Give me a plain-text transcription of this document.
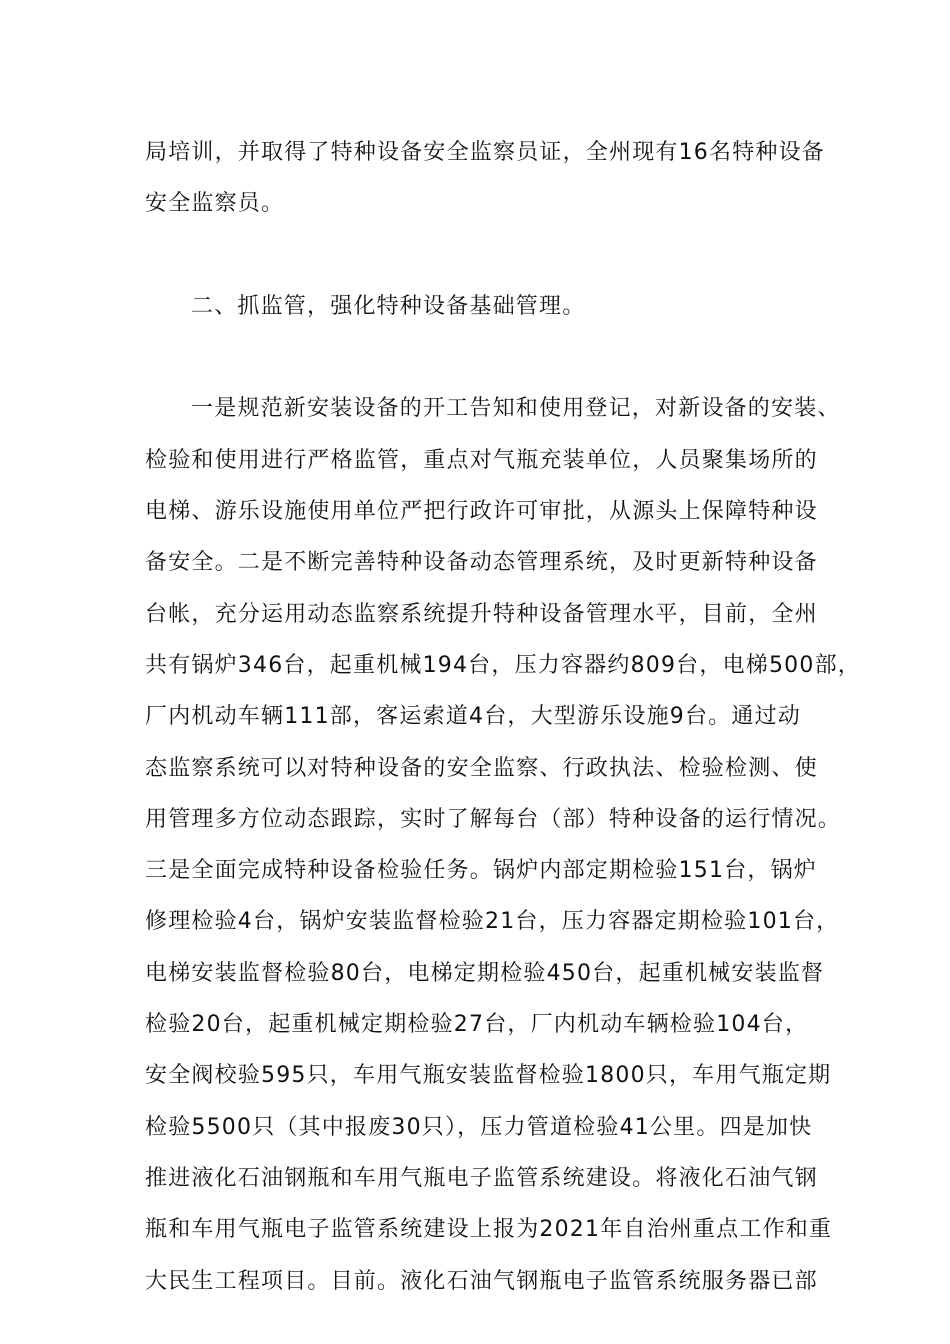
局培训，并取得了特种设备安全监察员证，全州现有16名特种设备
安全监察员。
二、抓监管，强化特种设备基础管理。
一是规范新安装设备的开工告知和使用登记，对新设备的安装、
检验和使用进行严格监管，重点对气瓶充装单位，人员聚集场所的
电梯、游乐设施使用单位严把行政许可审批，从源头上保障特种设
备安全。二是不断完善特种设备动态管理系统，及时更新特种设备
台帐，充分运用动态监察系统提升特种设备管理水平，目前，全州
共有锅炉346台，起重机械194台，压力容器约809台，电梯500部，
厂内机动车辆111部，客运索道4台，大型游乐设施9台。通过动
态监察系统可以对特种设备的安全监察、行政执法、检验检测、使
用管理多方位动态跟踪，实时了解每台（部）特种设备的运行情况。
三是全面完成特种设备检验任务。锅炉内部定期检验151台，锅炉
修理检验4台，锅炉安装监督检验21台，压力容器定期检验101台，
电梯安装监督检验80台，电梯定期检验450台，起重机械安装监督
检验20台，起重机械定期检验27台，厂内机动车辆检验104台，
安全阀校验595只，车用气瓶安装监督检验1800只，车用气瓶定期
检验5500只（其中报废30只），压力管道检验41公里。四是加快
推进液化石油钢瓶和车用气瓶电子监管系统建设。将液化石油气钢
瓶和车用气瓶电子监管系统建设上报为2021年自治州重点工作和重
大民生工程项目。目前。液化石油气钢瓶电子监管系统服务器已部
